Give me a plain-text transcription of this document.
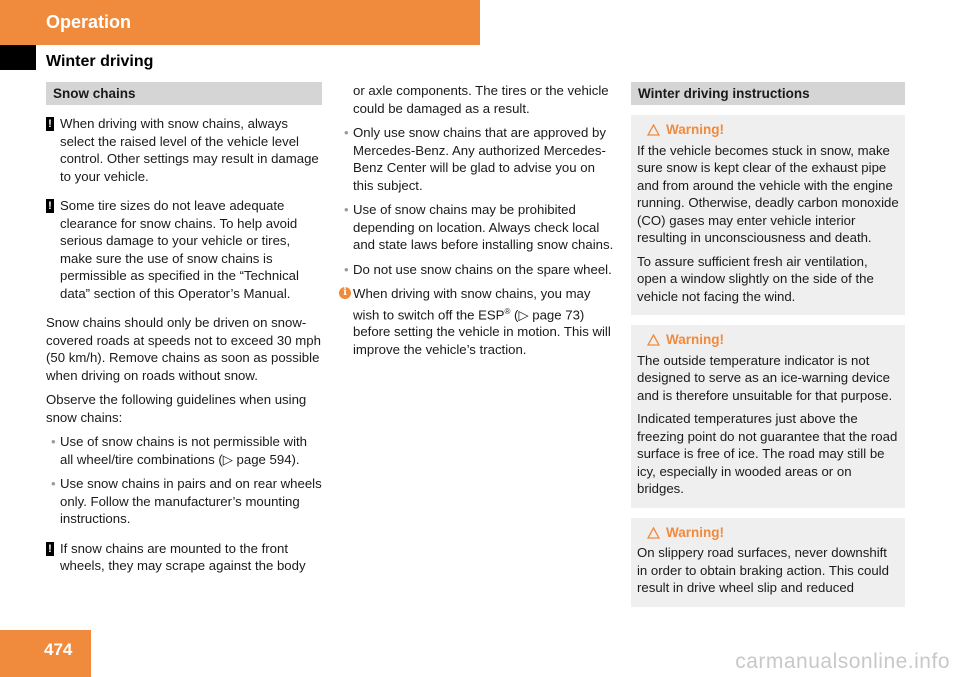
Operation
Winter driving
Snow chains
! When driving with snow chains, always select the raised level of the vehicle level control. Other settings may result in damage to your vehicle.
! Some tire sizes do not leave adequate clearance for snow chains. To help avoid serious damage to your vehicle or tires, make sure the use of snow chains is permissible as specified in the “Technical data” section of this Operator’s Manual.

Snow chains should only be driven on snow-covered roads at speeds not to exceed 30 mph (50 km/h). Remove chains as soon as possible when driving on roads without snow.

Observe the following guidelines when using snow chains:

• Use of snow chains is not permissible with all wheel/tire combinations (▷ page 594).
• Use snow chains in pairs and on rear wheels only. Follow the manufacturer’s mounting instructions.
! If snow chains are mounted to the front wheels, they may scrape against the body
or axle components. The tires or the vehicle could be damaged as a result.
• Only use snow chains that are approved by Mercedes-Benz. Any authorized Mercedes-Benz Center will be glad to advise you on this subject.
• Use of snow chains may be prohibited depending on location. Always check local and state laws before installing snow chains.
• Do not use snow chains on the spare wheel.
i When driving with snow chains, you may wish to switch off the ESP® (▷ page 73) before setting the vehicle in motion. This will improve the vehicle’s traction.
Winter driving instructions
Warning!

If the vehicle becomes stuck in snow, make sure snow is kept clear of the exhaust pipe and from around the vehicle with the engine running. Otherwise, deadly carbon monoxide (CO) gases may enter vehicle interior resulting in unconsciousness and death.

To assure sufficient fresh air ventilation, open a window slightly on the side of the vehicle not facing the wind.

Warning!

The outside temperature indicator is not designed to serve as an ice-warning device and is therefore unsuitable for that purpose.

Indicated temperatures just above the freezing point do not guarantee that the road surface is free of ice. The road may still be icy, especially in wooded areas or on bridges.

Warning!

On slippery road surfaces, never downshift in order to obtain braking action. This could result in drive wheel slip and reduced

474
carmanualsonline.info
